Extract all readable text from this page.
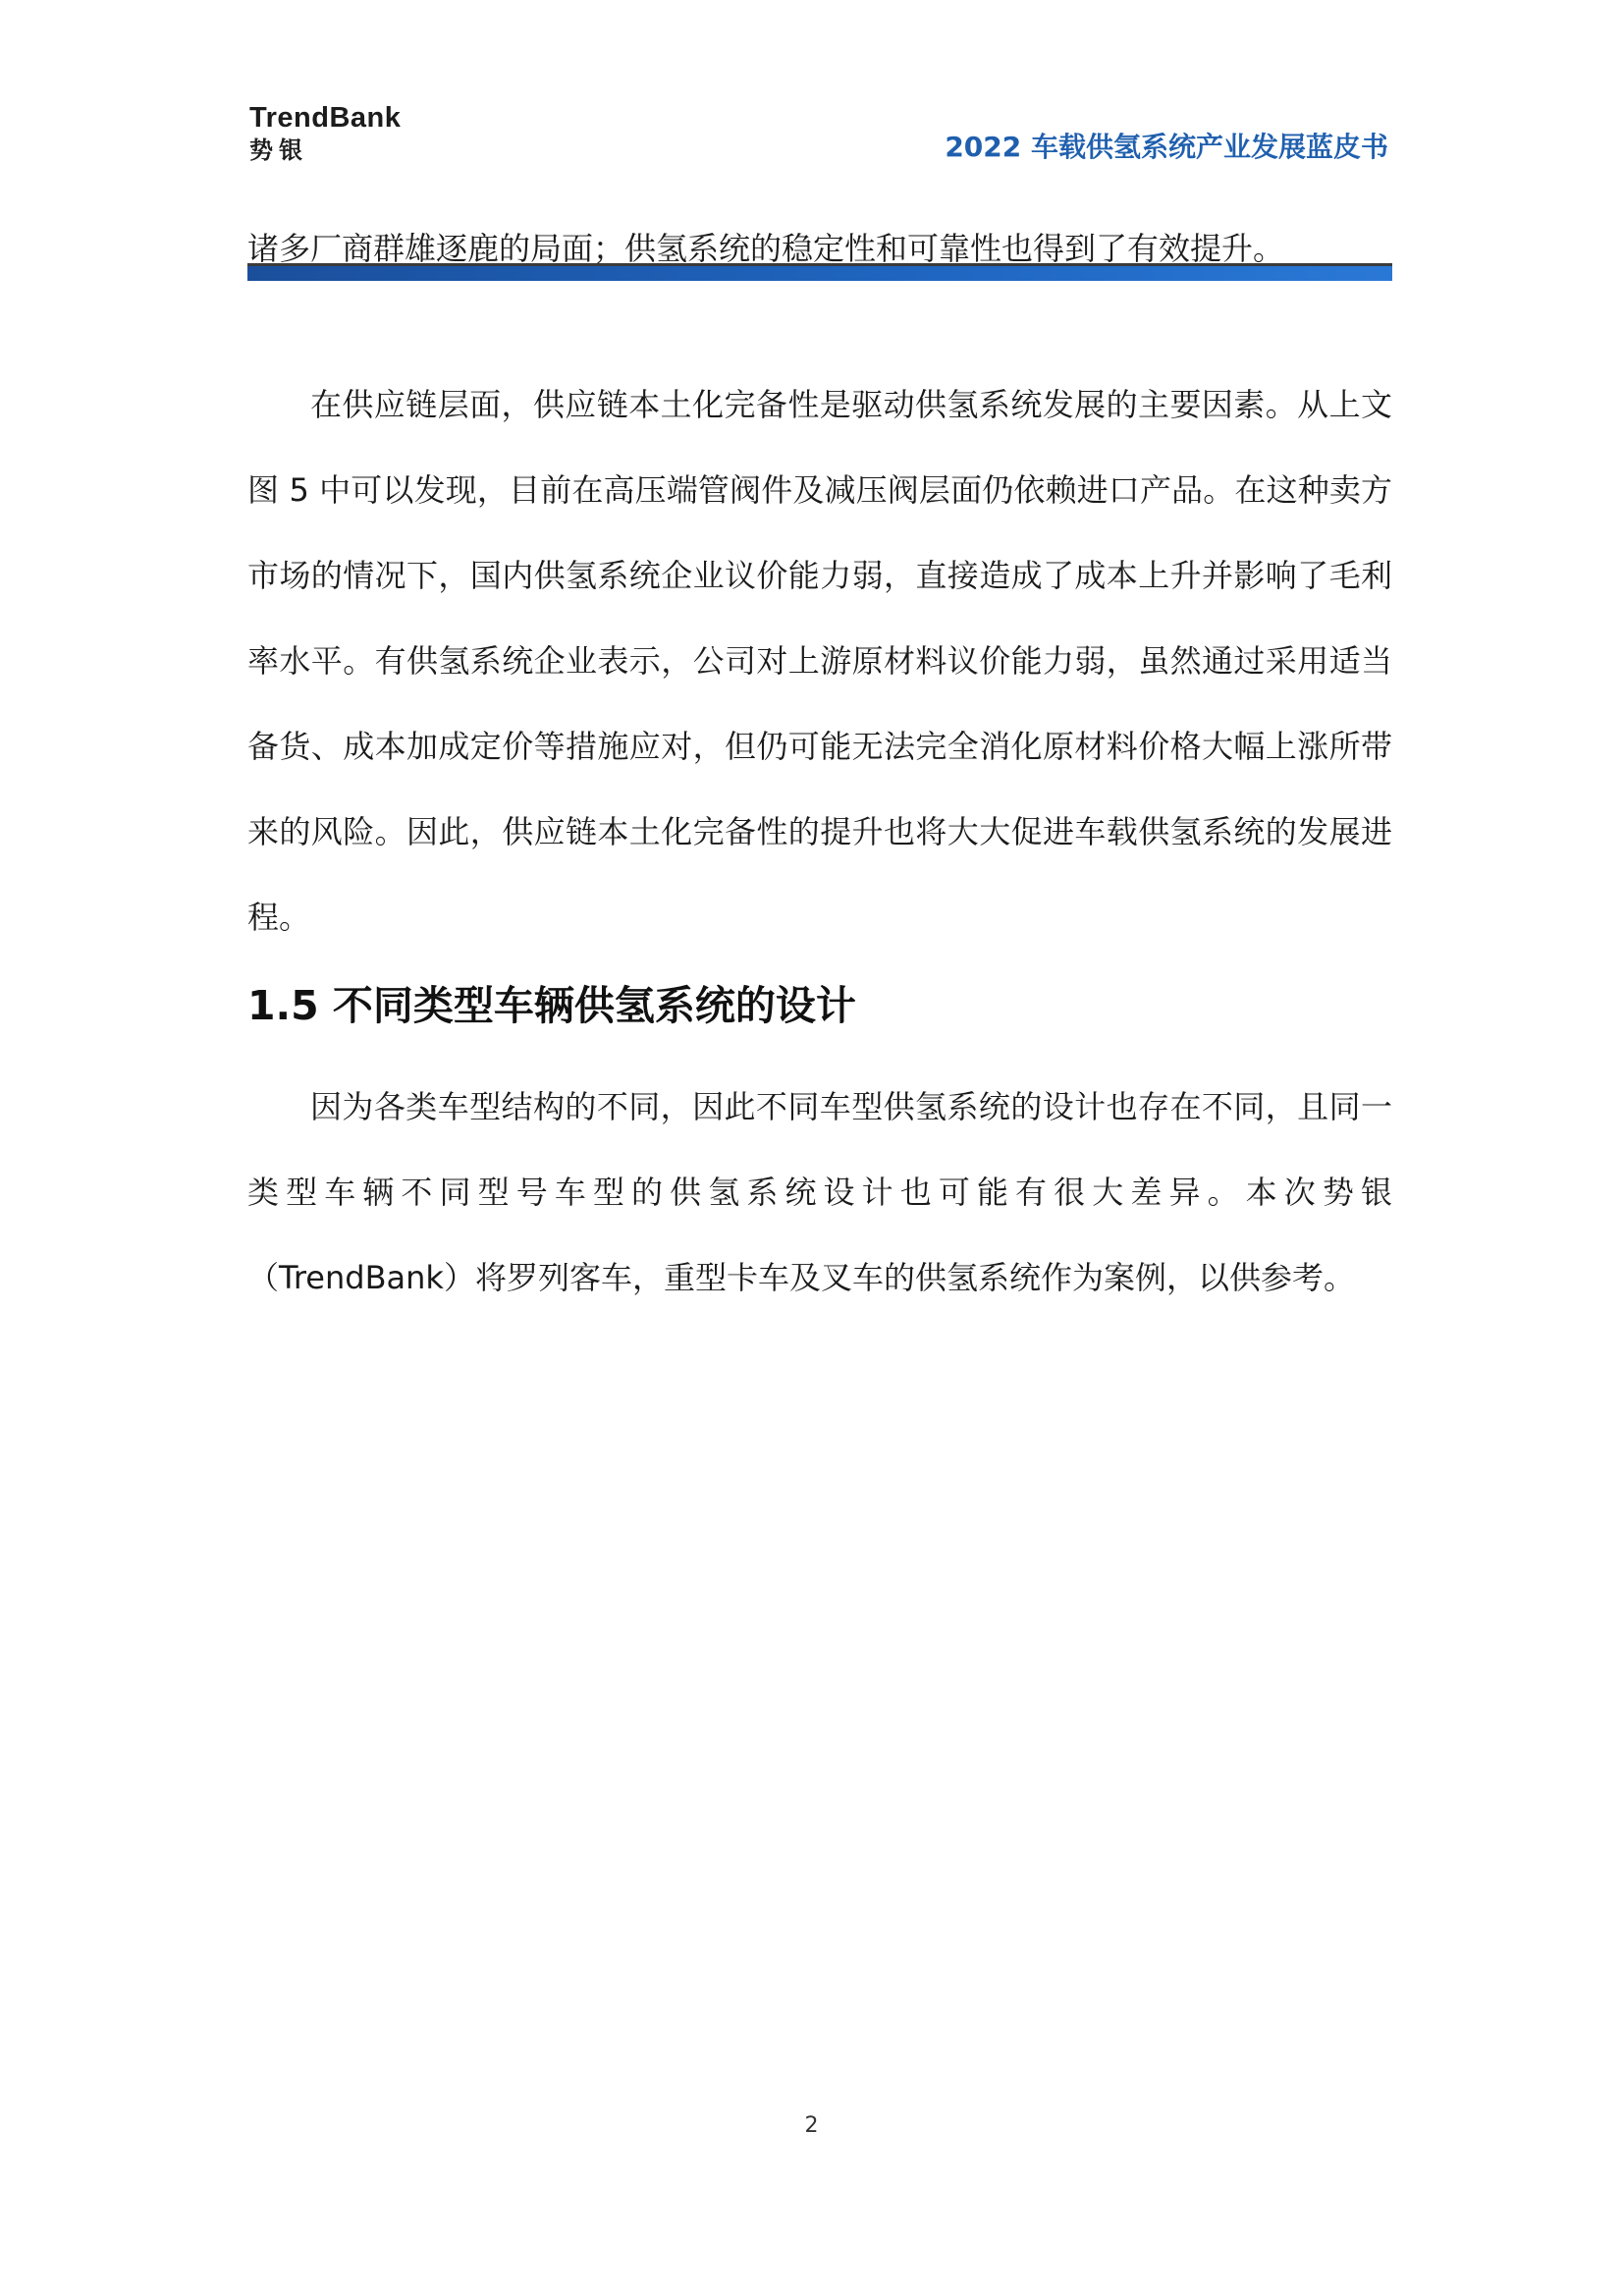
TrendBank
势银	2022 车载供氢系统产业发展蓝皮书

诸多厂商群雄逐鹿的局面；供氢系统的稳定性和可靠性也得到了有效提升。

在供应链层面，供应链本土化完备性是驱动供氢系统发展的主要因素。从上文图 5 中可以发现，目前在高压端管阀件及减压阀层面仍依赖进口产品。在这种卖方市场的情况下，国内供氢系统企业议价能力弱，直接造成了成本上升并影响了毛利率水平。有供氢系统企业表示，公司对上游原材料议价能力弱，虽然通过采用适当备货、成本加成定价等措施应对，但仍可能无法完全消化原材料价格大幅上涨所带来的风险。因此，供应链本土化完备性的提升也将大大促进车载供氢系统的发展进程。

1.5 不同类型车辆供氢系统的设计

因为各类车型结构的不同，因此不同车型供氢系统的设计也存在不同，且同一类型车辆不同型号车型的供氢系统设计也可能有很大差异。本次势银（TrendBank）将罗列客车，重型卡车及叉车的供氢系统作为案例，以供参考。

2
